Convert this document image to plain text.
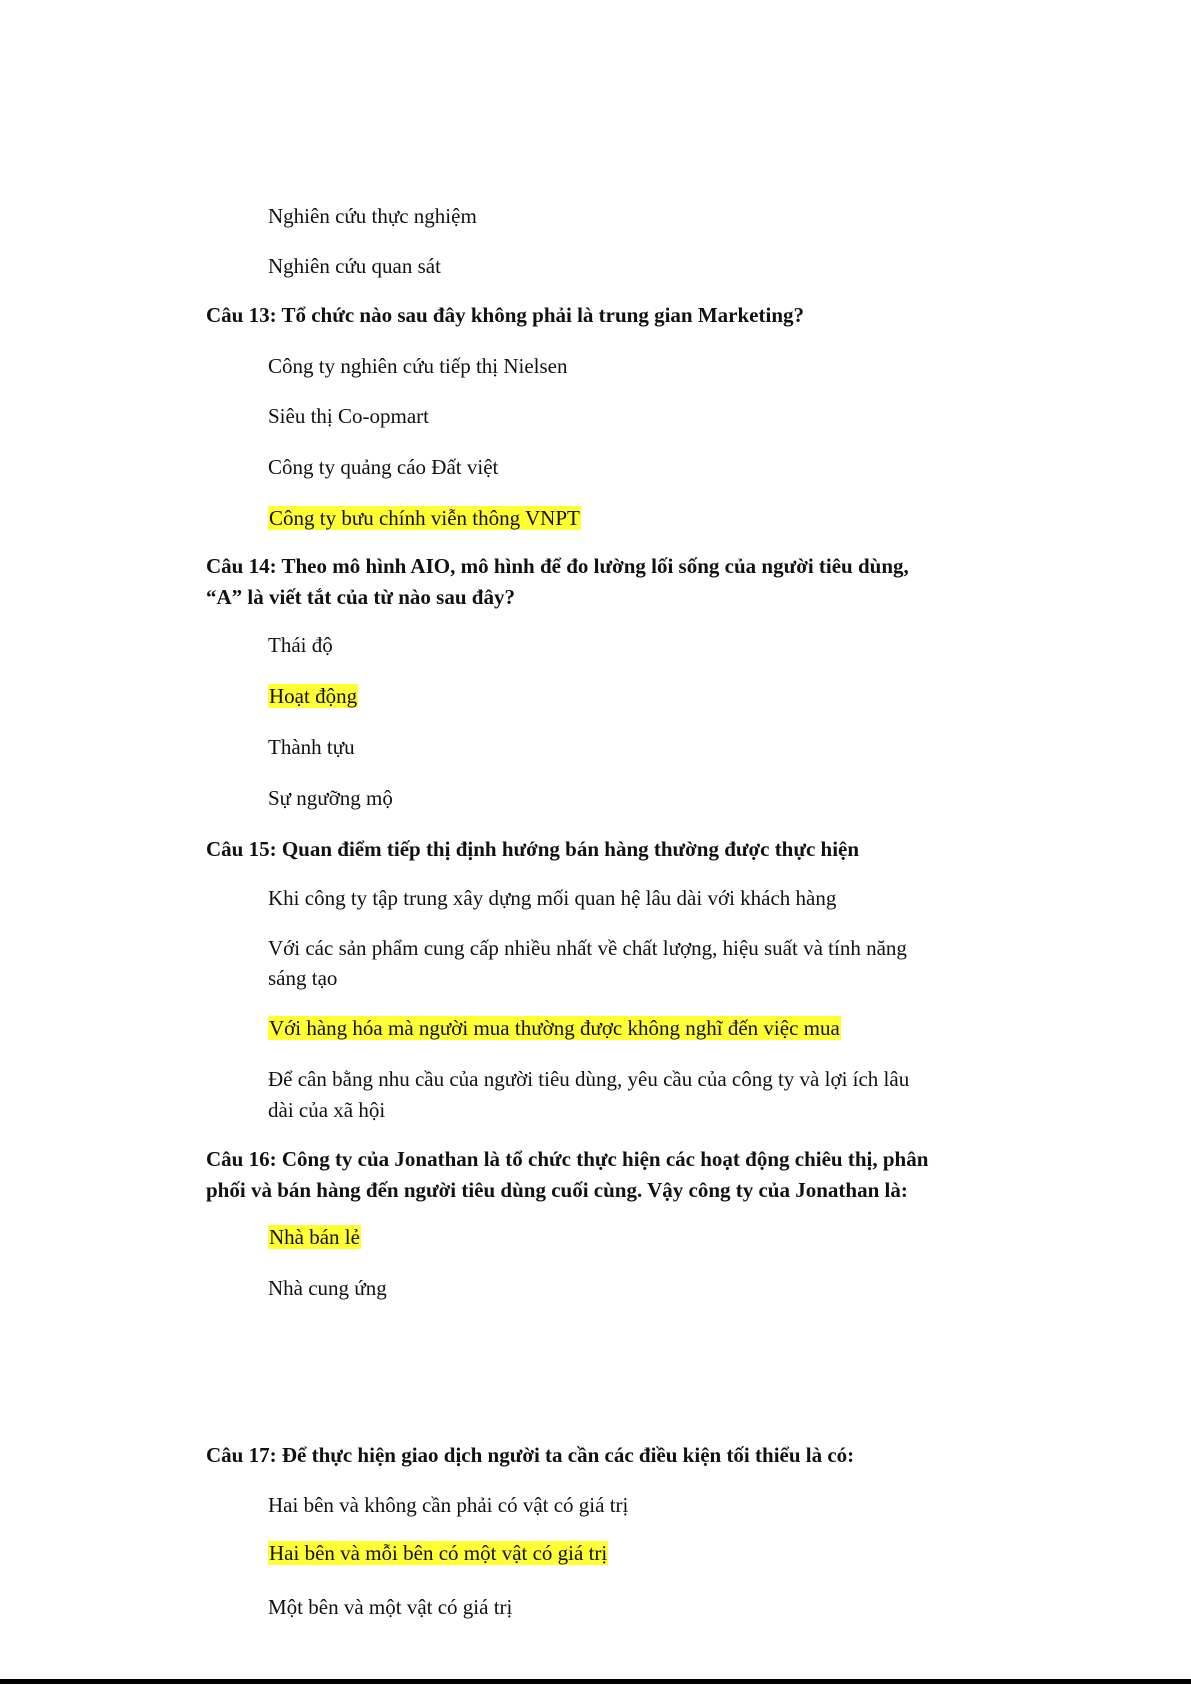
Nghiên cứu thực nghiệm
Nghiên cứu quan sát
Câu 13: Tổ chức nào sau đây không phải là trung gian Marketing?
Công ty nghiên cứu tiếp thị Nielsen
Siêu thị Co-opmart
Công ty quảng cáo Đất việt
Công ty bưu chính viễn thông VNPT
Câu 14: Theo mô hình AIO, mô hình để đo lường lối sống của người tiêu dùng,
“A” là viết tắt của từ nào sau đây?
Thái độ
Hoạt động
Thành tựu
Sự ngưỡng mộ
Câu 15: Quan điểm tiếp thị định hướng bán hàng thường được thực hiện
Khi công ty tập trung xây dựng mối quan hệ lâu dài với khách hàng
Với các sản phẩm cung cấp nhiều nhất về chất lượng, hiệu suất và tính năng
sáng tạo
Với hàng hóa mà người mua thường được không nghĩ đến việc mua
Để cân bằng nhu cầu của người tiêu dùng, yêu cầu của công ty và lợi ích lâu
dài của xã hội
Câu 16: Công ty của Jonathan là tổ chức thực hiện các hoạt động chiêu thị, phân
phối và bán hàng đến người tiêu dùng cuối cùng. Vậy công ty của Jonathan là:
Nhà bán lẻ
Nhà cung ứng
Câu 17: Để thực hiện giao dịch người ta cần các điều kiện tối thiểu là có:
Hai bên và không cần phải có vật có giá trị
Hai bên và mỗi bên có một vật có giá trị
Một bên và một vật có giá trị
